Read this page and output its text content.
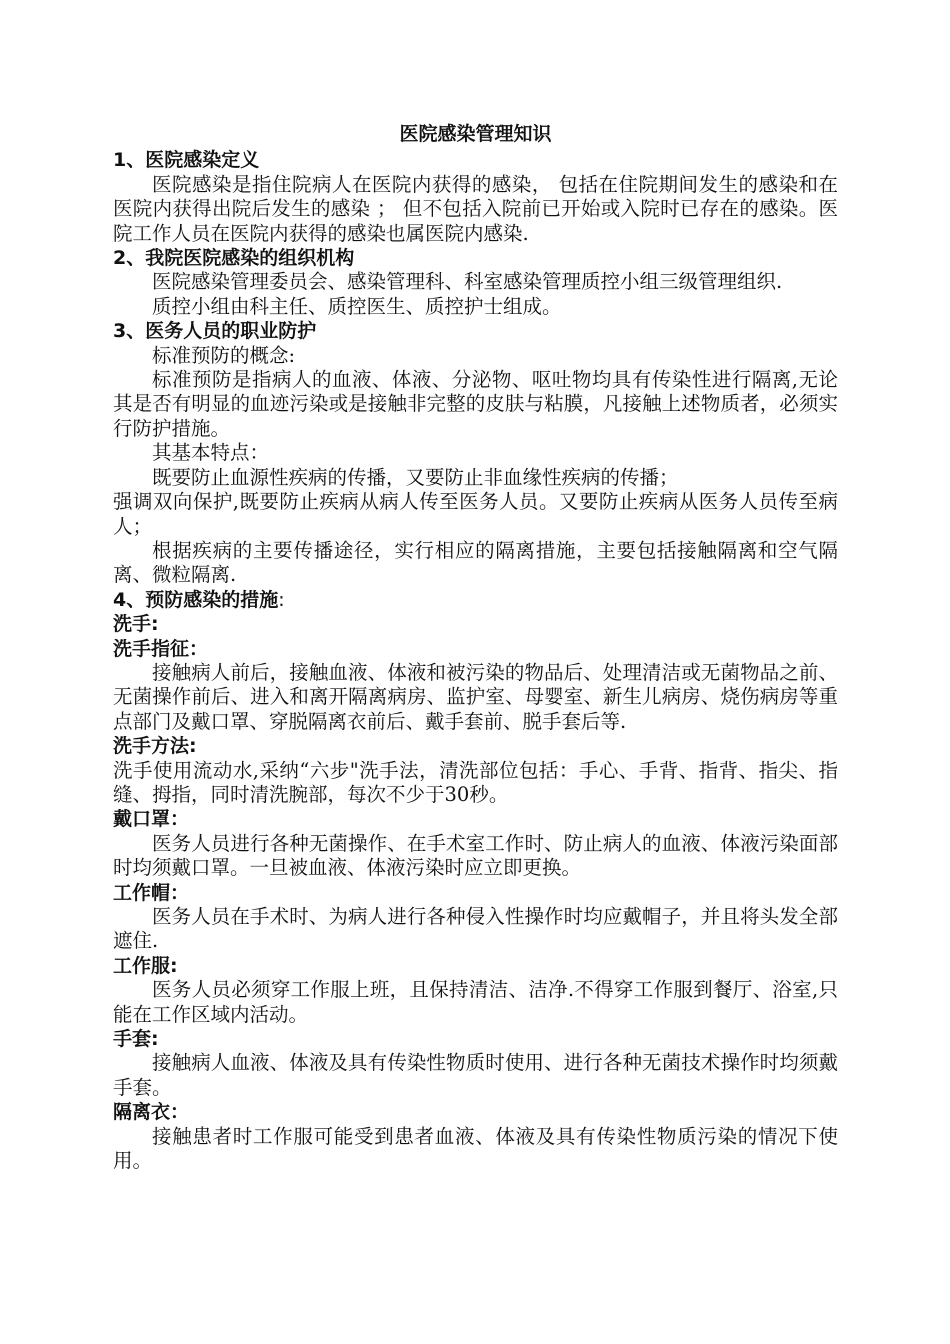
医院感染管理知识
1、医院感染定义
医院感染是指住院病人在医院内获得的感染， 包括在住院期间发生的感染和在医院内获得出院后发生的感染 ； 但不包括入院前已开始或入院时已存在的感染。医院工作人员在医院内获得的感染也属医院内感染.
2、我院医院感染的组织机构
医院感染管理委员会、感染管理科、科室感染管理质控小组三级管理组织.
质控小组由科主任、质控医生、质控护士组成。
3、医务人员的职业防护
标准预防的概念:
标准预防是指病人的血液、体液、分泌物、呕吐物均具有传染性进行隔离,无论其是否有明显的血迹污染或是接触非完整的皮肤与粘膜，凡接触上述物质者，必须实行防护措施。
其基本特点：
既要防止血源性疾病的传播，又要防止非血缘性疾病的传播；
强调双向保护,既要防止疾病从病人传至医务人员。又要防止疾病从医务人员传至病人；
根据疾病的主要传播途径，实行相应的隔离措施，主要包括接触隔离和空气隔离、微粒隔离.
4、预防感染的措施:
洗手:
洗手指征：
接触病人前后，接触血液、体液和被污染的物品后、处理清洁或无菌物品之前、无菌操作前后、进入和离开隔离病房、监护室、母婴室、新生儿病房、烧伤病房等重点部门及戴口罩、穿脱隔离衣前后、戴手套前、脱手套后等.
洗手方法:
洗手使用流动水,采纳“六步"洗手法，清洗部位包括：手心、手背、指背、指尖、指缝、拇指，同时清洗腕部，每次不少于30秒。
戴口罩：
医务人员进行各种无菌操作、在手术室工作时、防止病人的血液、体液污染面部时均须戴口罩。一旦被血液、体液污染时应立即更换。
工作帽：
医务人员在手术时、为病人进行各种侵入性操作时均应戴帽子，并且将头发全部遮住.
工作服:
医务人员必须穿工作服上班，且保持清洁、洁净.不得穿工作服到餐厅、浴室,只能在工作区域内活动。
手套:
接触病人血液、体液及具有传染性物质时使用、进行各种无菌技术操作时均须戴手套。
隔离衣：
接触患者时工作服可能受到患者血液、体液及具有传染性物质污染的情况下使用。
